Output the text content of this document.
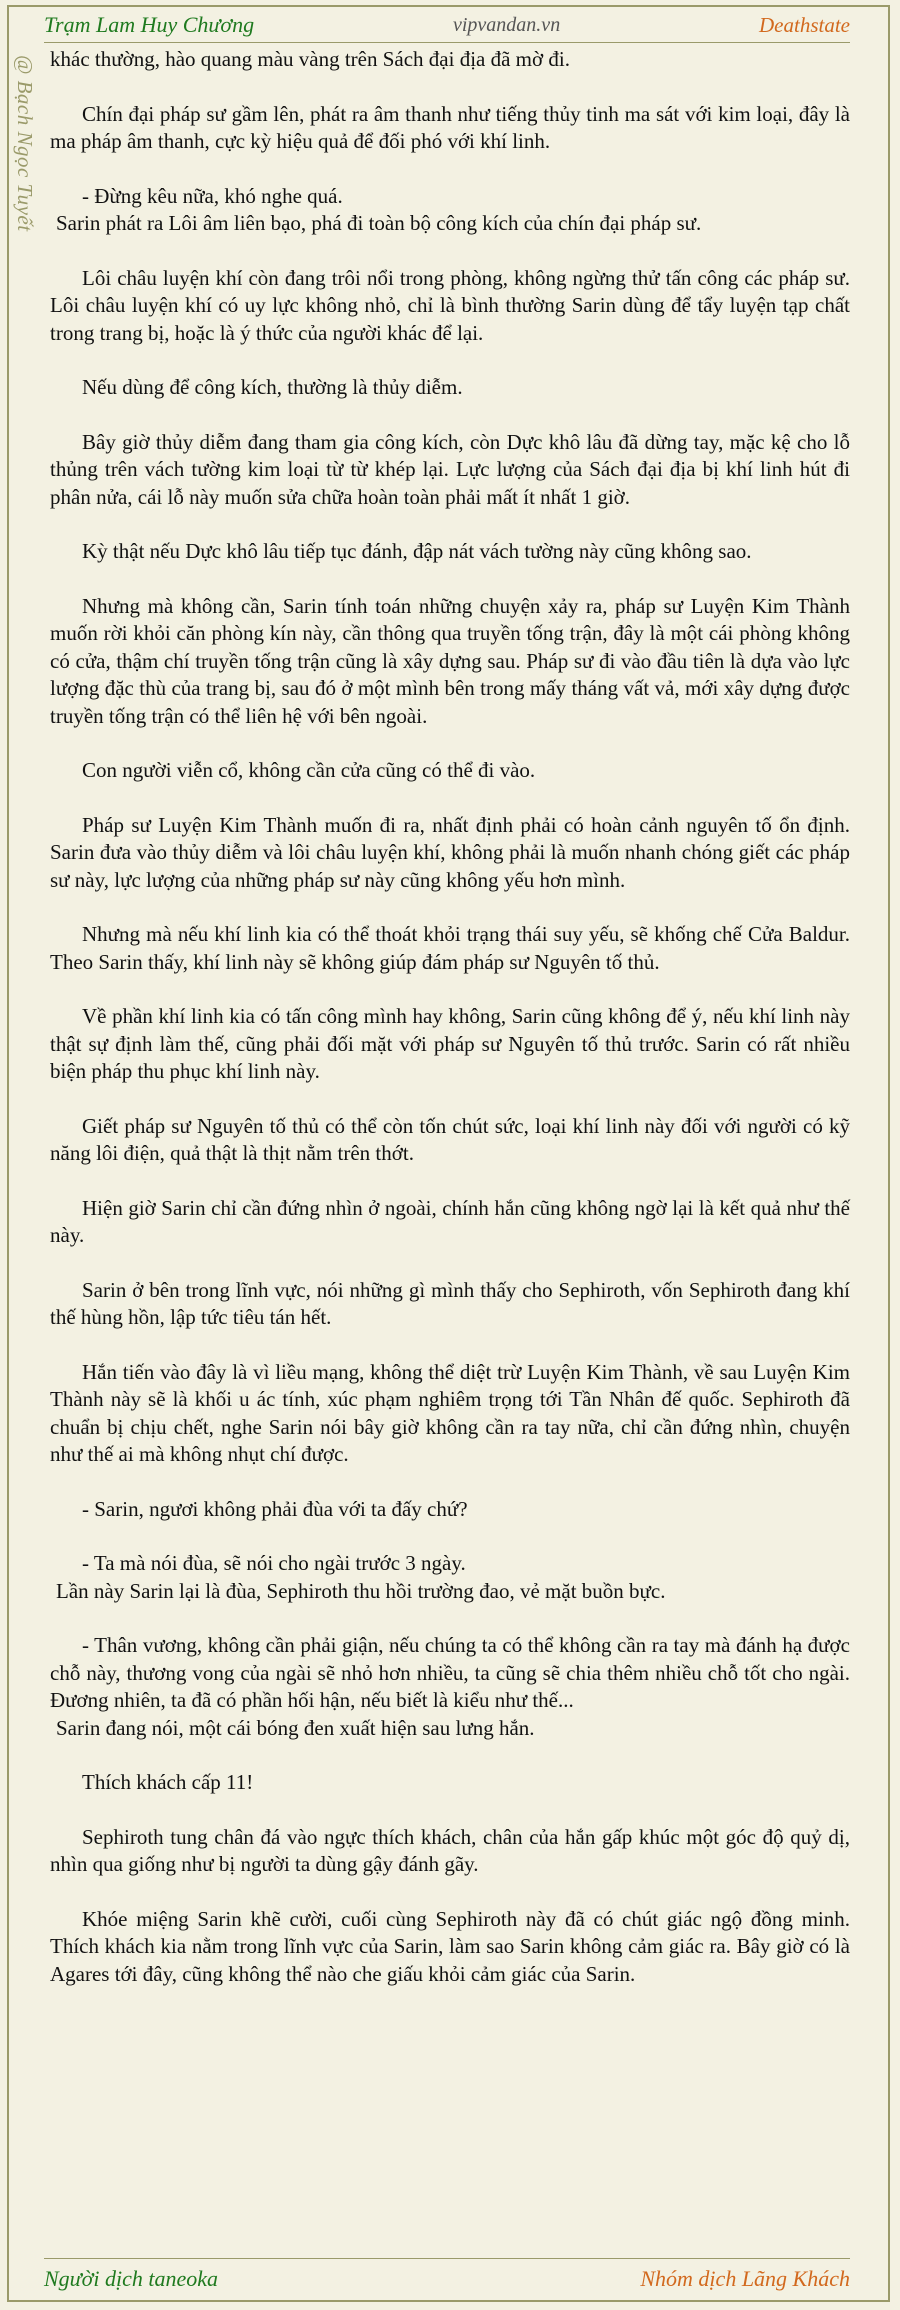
Trạm Lam Huy Chương	vipvandan.vn	Deathstate
@ Bạch Ngọc Tuyết khác thường, hào quang màu vàng trên Sách đại địa đã mờ đi.

Chín đại pháp sư gầm lên, phát ra âm thanh như tiếng thủy tinh ma sát với kim loại, đây là ma pháp âm thanh, cực kỳ hiệu quả để đối phó với khí linh.

- Đừng kêu nữa, khó nghe quá.

Sarin phát ra Lôi âm liên bạo, phá đi toàn bộ công kích của chín đại pháp sư.

Lôi châu luyện khí còn đang trôi nổi trong phòng, không ngừng thử tấn công các pháp sư. Lôi châu luyện khí có uy lực không nhỏ, chỉ là bình thường Sarin dùng để tẩy luyện tạp chất trong trang bị, hoặc là ý thức của người khác để lại.

Nếu dùng để công kích, thường là thủy diễm.

Bây giờ thủy diễm đang tham gia công kích, còn Dực khô lâu đã dừng tay, mặc kệ cho lỗ thủng trên vách tường kim loại từ từ khép lại. Lực lượng của Sách đại địa bị khí linh hút đi phân nửa, cái lỗ này muốn sửa chữa hoàn toàn phải mất ít nhất 1 giờ.

Kỳ thật nếu Dực khô lâu tiếp tục đánh, đập nát vách tường này cũng không sao.

Nhưng mà không cần, Sarin tính toán những chuyện xảy ra, pháp sư Luyện Kim Thành muốn rời khỏi căn phòng kín này, cần thông qua truyền tống trận, đây là một cái phòng không có cửa, thậm chí truyền tống trận cũng là xây dựng sau. Pháp sư đi vào đầu tiên là dựa vào lực lượng đặc thù của trang bị, sau đó ở một mình bên trong mấy tháng vất vả, mới xây dựng được truyền tống trận có thể liên hệ với bên ngoài.

Con người viễn cổ, không cần cửa cũng có thể đi vào.

Pháp sư Luyện Kim Thành muốn đi ra, nhất định phải có hoàn cảnh nguyên tố ổn định. Sarin đưa vào thủy diễm và lôi châu luyện khí, không phải là muốn nhanh chóng giết các pháp sư này, lực lượng của những pháp sư này cũng không yếu hơn mình.

Nhưng mà nếu khí linh kia có thể thoát khỏi trạng thái suy yếu, sẽ khống chế Cửa Baldur. Theo Sarin thấy, khí linh này sẽ không giúp đám pháp sư Nguyên tố thủ.

Về phần khí linh kia có tấn công mình hay không, Sarin cũng không để ý, nếu khí linh này thật sự định làm thế, cũng phải đối mặt với pháp sư Nguyên tố thủ trước. Sarin có rất nhiều biện pháp thu phục khí linh này.

Giết pháp sư Nguyên tố thủ có thể còn tốn chút sức, loại khí linh này đối với người có kỹ năng lôi điện, quả thật là thịt nằm trên thớt.

Hiện giờ Sarin chỉ cần đứng nhìn ở ngoài, chính hắn cũng không ngờ lại là kết quả như thế này.

Sarin ở bên trong lĩnh vực, nói những gì mình thấy cho Sephiroth, vốn Sephiroth đang khí thế hùng hồn, lập tức tiêu tán hết.

Hắn tiến vào đây là vì liều mạng, không thể diệt trừ Luyện Kim Thành, về sau Luyện Kim Thành này sẽ là khối u ác tính, xúc phạm nghiêm trọng tới Tần Nhân đế quốc. Sephiroth đã chuẩn bị chịu chết, nghe Sarin nói bây giờ không cần ra tay nữa, chỉ cần đứng nhìn, chuyện như thế ai mà không nhụt chí được.

- Sarin, ngươi không phải đùa với ta đấy chứ?

- Ta mà nói đùa, sẽ nói cho ngài trước 3 ngày.

Lần này Sarin lại là đùa, Sephiroth thu hồi trường đao, vẻ mặt buồn bực.

- Thân vương, không cần phải giận, nếu chúng ta có thể không cần ra tay mà đánh hạ được chỗ này, thương vong của ngài sẽ nhỏ hơn nhiều, ta cũng sẽ chia thêm nhiều chỗ tốt cho ngài. Đương nhiên, ta đã có phần hối hận, nếu biết là kiểu như thế...

Sarin đang nói, một cái bóng đen xuất hiện sau lưng hắn.

Thích khách cấp 11!

Sephiroth tung chân đá vào ngực thích khách, chân của hắn gấp khúc một góc độ quỷ dị, nhìn qua giống như bị người ta dùng gậy đánh gãy.

Khóe miệng Sarin khẽ cười, cuối cùng Sephiroth này đã có chút giác ngộ đồng minh. Thích khách kia nằm trong lĩnh vực của Sarin, làm sao Sarin không cảm giác ra. Bây giờ có là Agares tới đây, cũng không thể nào che giấu khỏi cảm giác của Sarin.

Người dịch taneoka	Nhóm dịch Lãng Khách
